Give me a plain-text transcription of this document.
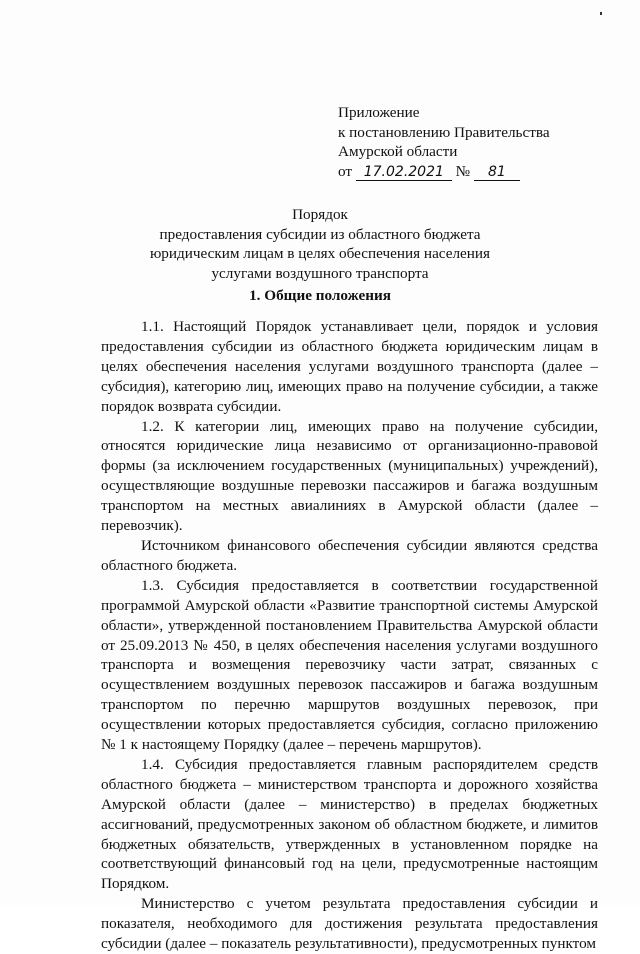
Приложение
к постановлению Правительства
Амурской области
от 17.02.2021 № 81
Порядок
предоставления субсидии из областного бюджета
юридическим лицам в целях обеспечения населения
услугами воздушного транспорта
1. Общие положения

1.1. Настоящий Порядок устанавливает цели, порядок и условия предоставления субсидии из областного бюджета юридическим лицам в целях обеспечения населения услугами воздушного транспорта (далее – субсидия), категорию лиц, имеющих право на получение субсидии, а также порядок возврата субсидии.

1.2. К категории лиц, имеющих право на получение субсидии, относятся юридические лица независимо от организационно-правовой формы (за исключением государственных (муниципальных) учреждений), осуществляющие воздушные перевозки пассажиров и багажа воздушным транспортом на местных авиалиниях в Амурской области (далее – перевозчик).

Источником финансового обеспечения субсидии являются средства областного бюджета.

1.3. Субсидия предоставляется в соответствии государственной программой Амурской области «Развитие транспортной системы Амурской области», утвержденной постановлением Правительства Амурской области от 25.09.2013 № 450, в целях обеспечения населения услугами воздушного транспорта и возмещения перевозчику части затрат, связанных с осуществлением воздушных перевозок пассажиров и багажа воздушным транспортом по перечню маршрутов воздушных перевозок, при осуществлении которых предоставляется субсидия, согласно приложению № 1 к настоящему Порядку (далее – перечень маршрутов).

1.4. Субсидия предоставляется главным распорядителем средств областного бюджета – министерством транспорта и дорожного хозяйства Амурской области (далее – министерство) в пределах бюджетных ассигнований, предусмотренных законом об областном бюджете, и лимитов бюджетных обязательств, утвержденных в установленном порядке на соответствующий финансовый год на цели, предусмотренные настоящим Порядком.

Министерство с учетом результата предоставления субсидии и показателя, необходимого для достижения результата предоставления субсидии (далее – показатель результативности), предусмотренных пунктом
